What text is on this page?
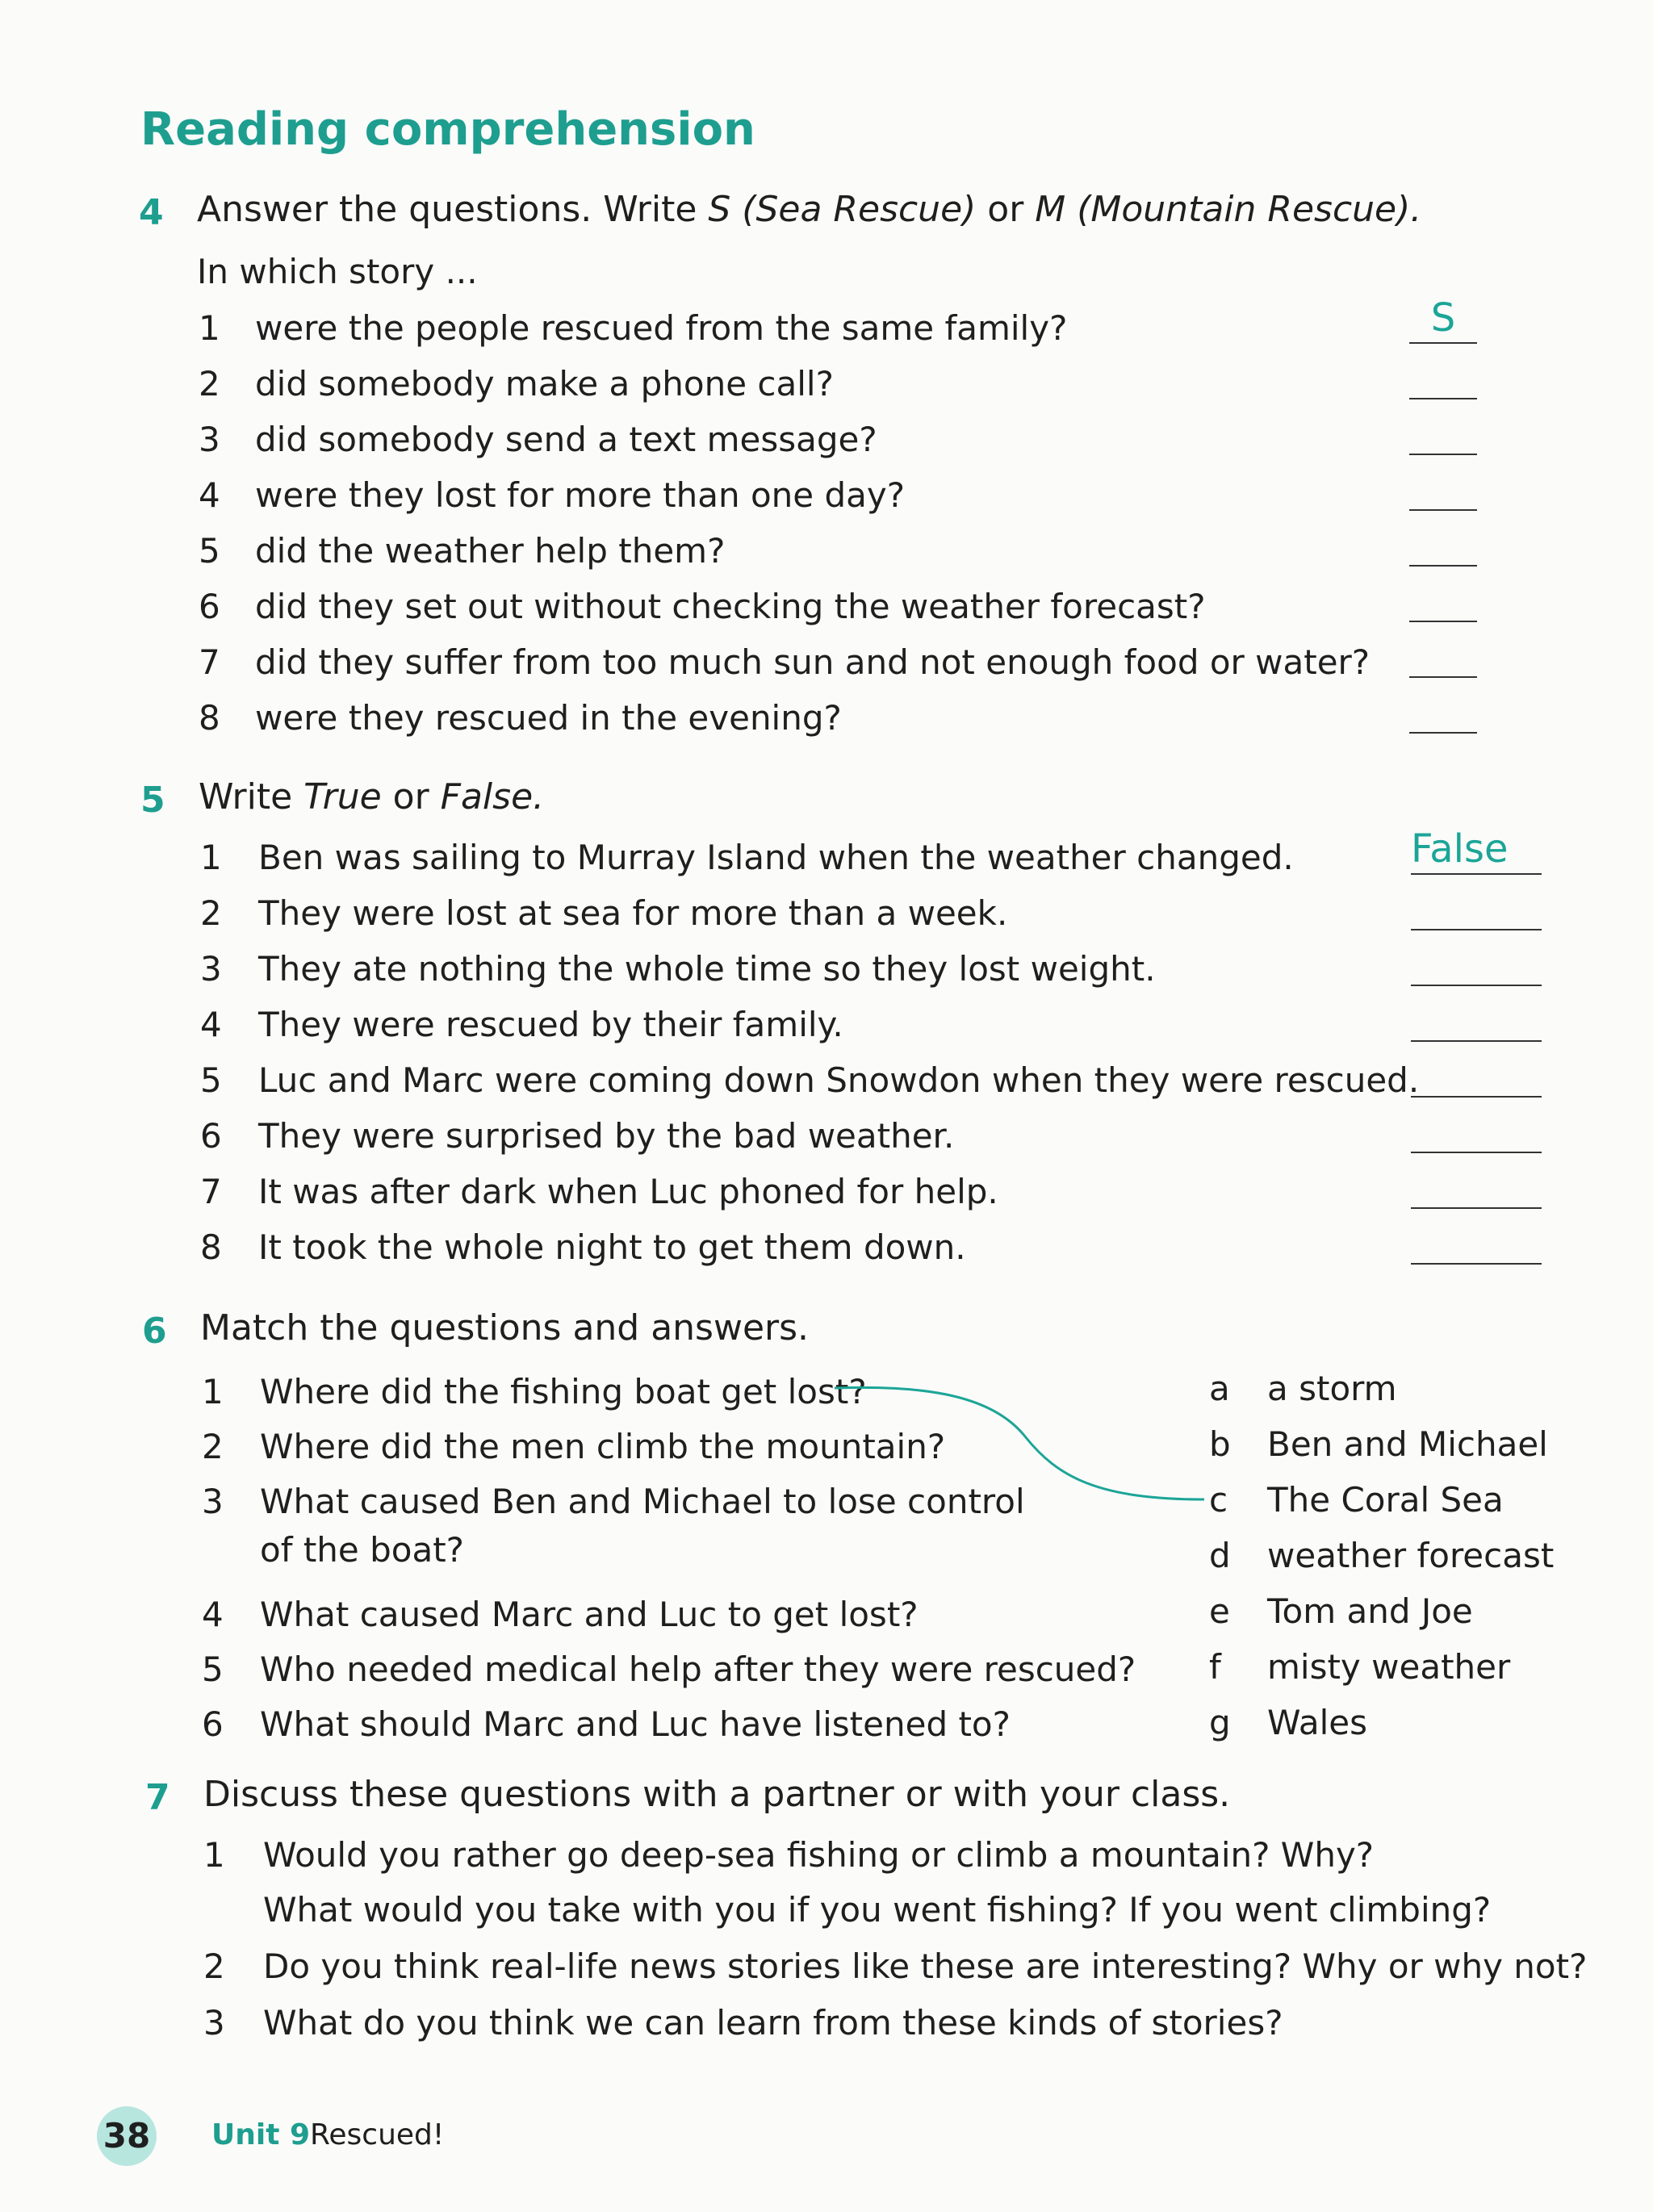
Reading comprehension
4 Answer the questions. Write S (Sea Rescue) or M (Mountain Rescue).
In which story ...
1 were the people rescued from the same family?	S
2 did somebody make a phone call?
3 did somebody send a text message?
4 were they lost for more than one day?
5 did the weather help them?
6 did they set out without checking the weather forecast?
7 did they suffer from too much sun and not enough food or water?
8 were they rescued in the evening?
5 Write True or False.
1 Ben was sailing to Murray Island when the weather changed.	False
2 They were lost at sea for more than a week.
3 They ate nothing the whole time so they lost weight.
4 They were rescued by their family.
5 Luc and Marc were coming down Snowdon when they were rescued.
6 They were surprised by the bad weather.
7 It was after dark when Luc phoned for help.
8 It took the whole night to get them down.
6 Match the questions and answers.
1 Where did the fishing boat get lost?
2 Where did the men climb the mountain?
3 What caused Ben and Michael to lose control
of the boat?
4 What caused Marc and Luc to get lost?
5 Who needed medical help after they were rescued?
6 What should Marc and Luc have listened to?
a a storm
b Ben and Michael
c The Coral Sea
d weather forecast
e Tom and Joe
f misty weather
g Wales
7 Discuss these questions with a partner or with your class.
1 Would you rather go deep-sea fishing or climb a mountain? Why?
What would you take with you if you went fishing? If you went climbing?
2 Do you think real-life news stories like these are interesting? Why or why not?
3 What do you think we can learn from these kinds of stories?
38 Unit 9 Rescued!
